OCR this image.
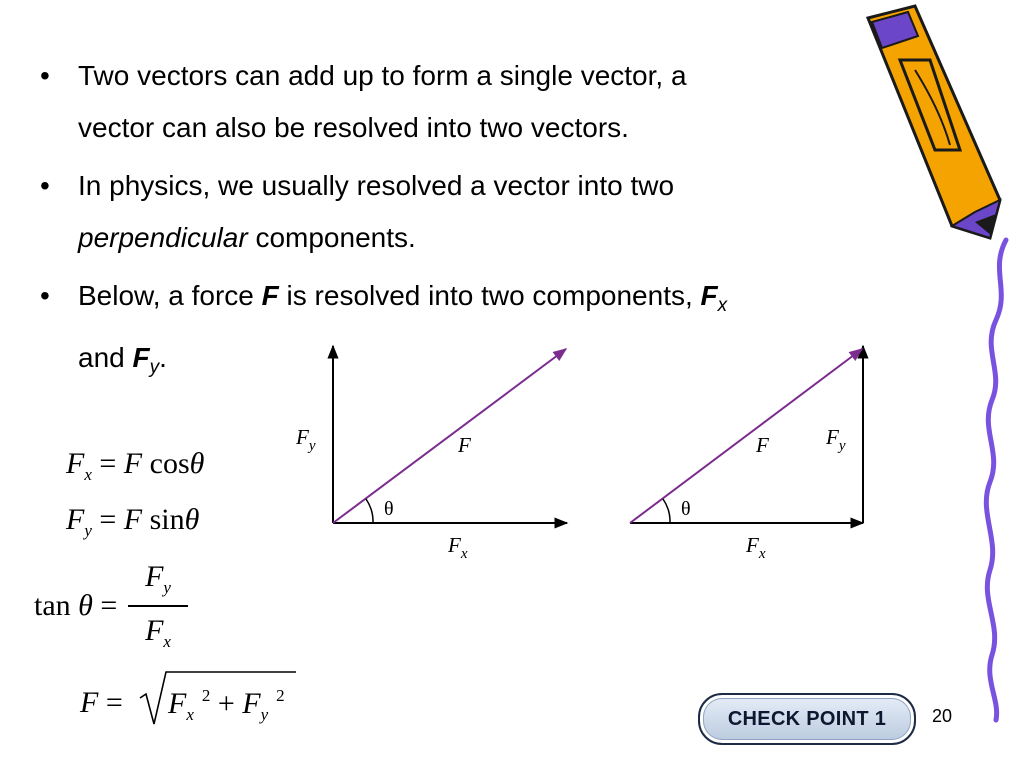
• Two vectors can add up to form a single vector, a
vector can also be resolved into two vectors.
• In physics, we usually resolved a vector into two
perpendicular components.
• Below, a force F is resolved into two components, $F_x$
and $F_y$.
$F_x = F$ cosθ
$F_y = F$ sinθ
tan θ =
$F_y$
$F_x$
$F = F_x^2 + F_y^2$
θ
F
$F_y$
$F_x$
θ
F	$F_y$
$F_x$
CHECK POINT 1	20
